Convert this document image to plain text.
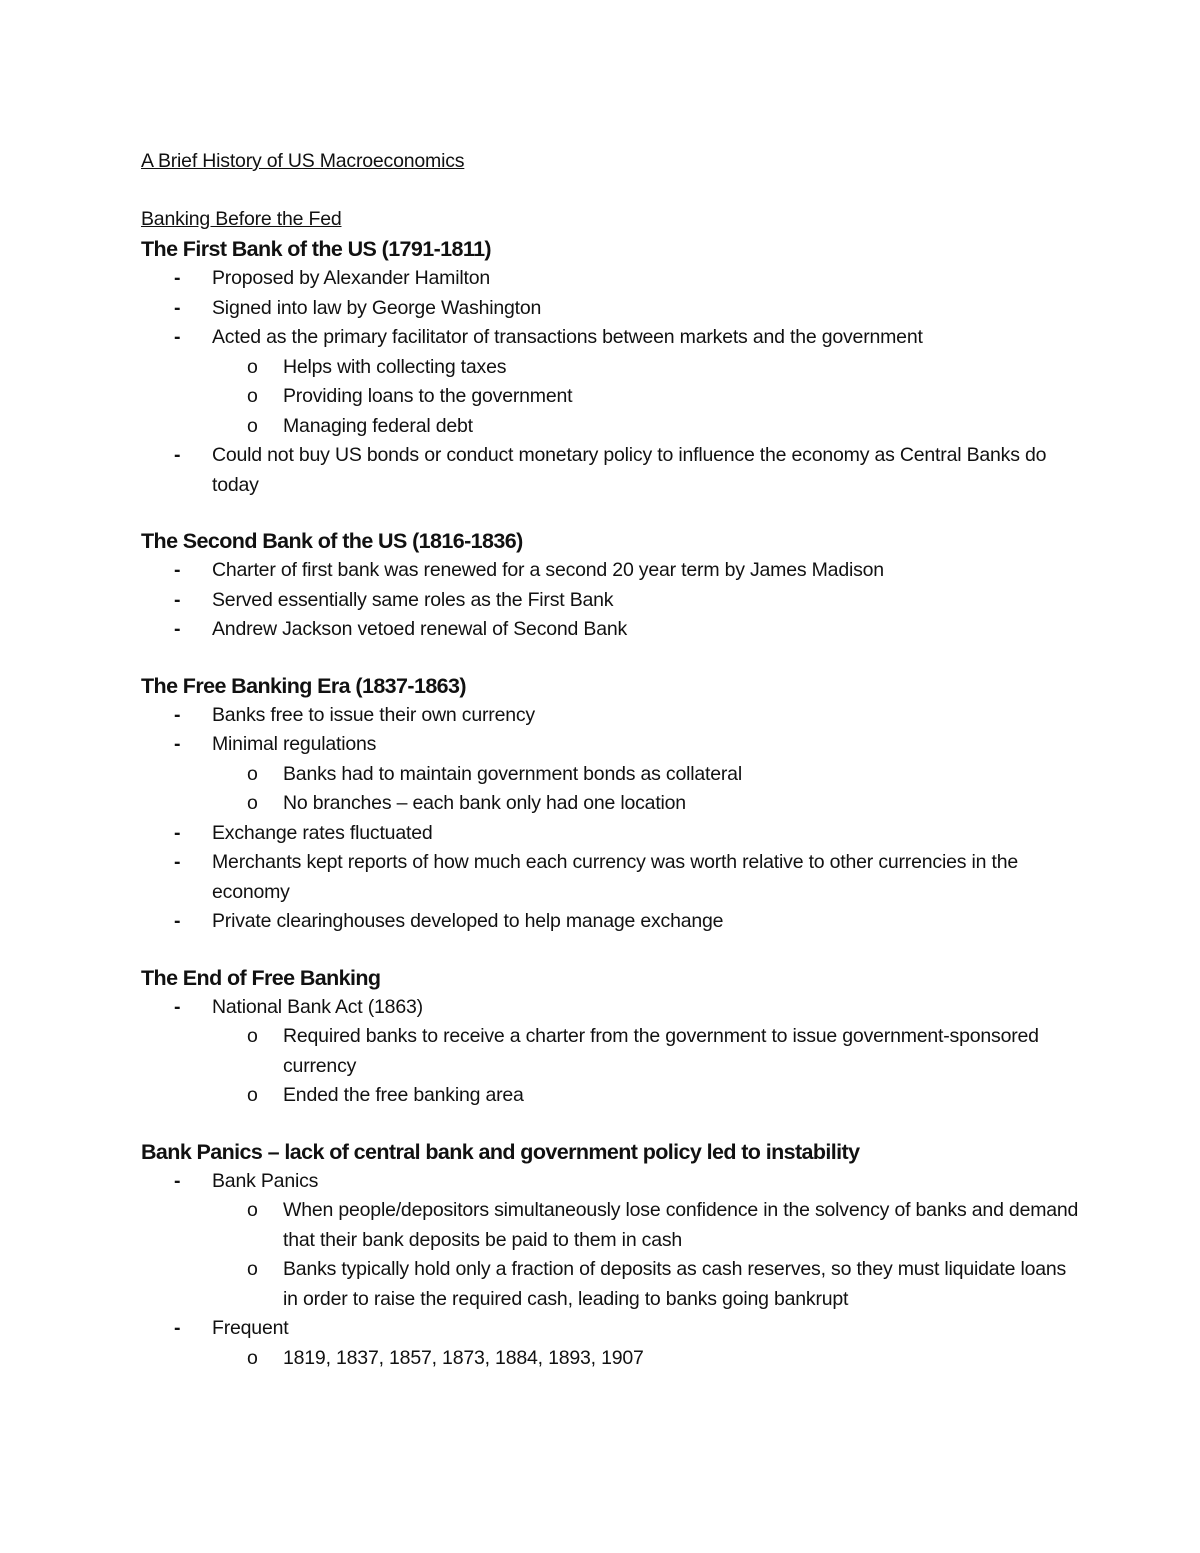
A Brief History of US Macroeconomics
Banking Before the Fed
The First Bank of the US (1791-1811)
- Proposed by Alexander Hamilton
- Signed into law by George Washington
- Acted as the primary facilitator of transactions between markets and the government
o Helps with collecting taxes
o Providing loans to the government
o Managing federal debt
- Could not buy US bonds or conduct monetary policy to influence the economy as Central Banks do today
The Second Bank of the US (1816-1836)
- Charter of first bank was renewed for a second 20 year term by James Madison
- Served essentially same roles as the First Bank
- Andrew Jackson vetoed renewal of Second Bank
The Free Banking Era (1837-1863)
- Banks free to issue their own currency
- Minimal regulations
o Banks had to maintain government bonds as collateral
o No branches – each bank only had one location
- Exchange rates fluctuated
- Merchants kept reports of how much each currency was worth relative to other currencies in the economy
- Private clearinghouses developed to help manage exchange
The End of Free Banking
- National Bank Act (1863)
o Required banks to receive a charter from the government to issue government-sponsored currency
o Ended the free banking area
Bank Panics – lack of central bank and government policy led to instability
- Bank Panics
o When people/depositors simultaneously lose confidence in the solvency of banks and demand that their bank deposits be paid to them in cash
o Banks typically hold only a fraction of deposits as cash reserves, so they must liquidate loans in order to raise the required cash, leading to banks going bankrupt
- Frequent
o 1819, 1837, 1857, 1873, 1884, 1893, 1907
